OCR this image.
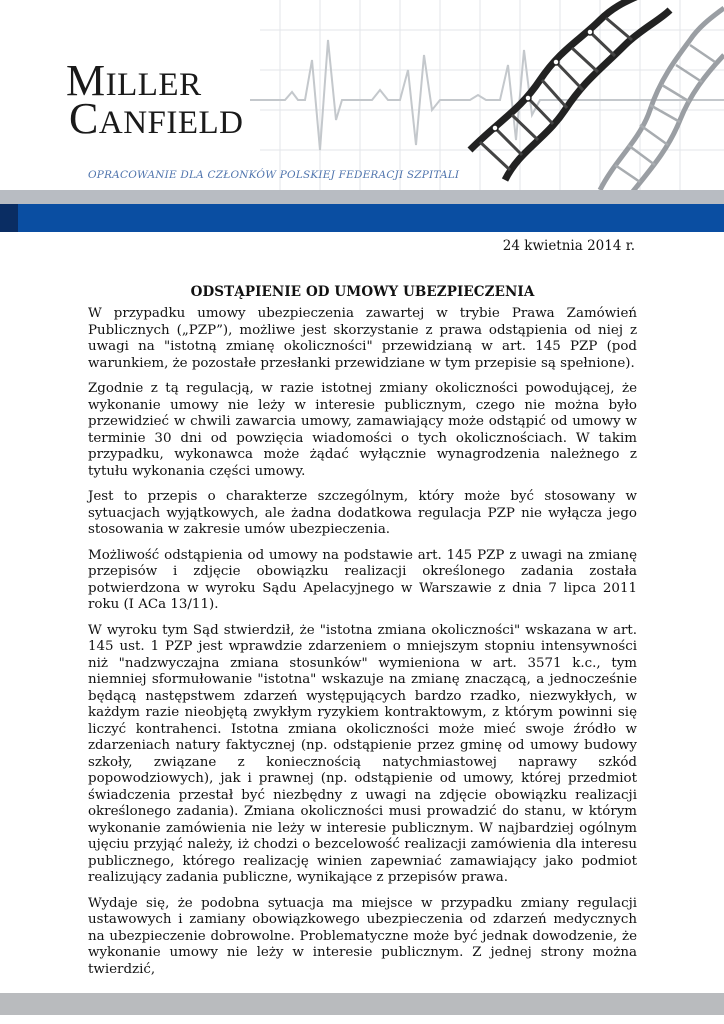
MILLER
CANFIELD
OPRACOWANIE DLA CZŁONKÓW POLSKIEJ FEDERACJI SZPITALI
24 kwietnia 2014 r.
ODSTĄPIENIE OD UMOWY UBEZPIECZENIA

W przypadku umowy ubezpieczenia zawartej w trybie Prawa Zamówień Publicznych („PZP”), możliwe jest skorzystanie z prawa odstąpienia od niej z uwagi na "istotną zmianę okoliczności" przewidzianą w art. 145 PZP (pod warunkiem, że pozostałe przesłanki przewidziane w tym przepisie są spełnione).

Zgodnie z tą regulacją, w razie istotnej zmiany okoliczności powodującej, że wykonanie umowy nie leży w interesie publicznym, czego nie można było przewidzieć w chwili zawarcia umowy, zamawiający może odstąpić od umowy w terminie 30 dni od powzięcia wiadomości o tych okolicznościach. W takim przypadku, wykonawca może żądać wyłącznie wynagrodzenia należnego z tytułu wykonania części umowy.

Jest to przepis o charakterze szczególnym, który może być stosowany w sytuacjach wyjątkowych, ale żadna dodatkowa regulacja PZP nie wyłącza jego stosowania w zakresie umów ubezpieczenia.

Możliwość odstąpienia od umowy na podstawie art. 145 PZP z uwagi na zmianę przepisów i zdjęcie obowiązku realizacji określonego zadania została potwierdzona w wyroku Sądu Apelacyjnego w Warszawie z dnia 7 lipca 2011 roku (I ACa 13/11).

W wyroku tym Sąd stwierdził, że "istotna zmiana okoliczności" wskazana w art. 145 ust. 1 PZP jest wprawdzie zdarzeniem o mniejszym stopniu intensywności niż "nadzwyczajna zmiana stosunków" wymieniona w art. 3571 k.c., tym niemniej sformułowanie "istotna" wskazuje na zmianę znaczącą, a jednocześnie będącą następstwem zdarzeń występujących bardzo rzadko, niezwykłych, w każdym razie nieobjętą zwykłym ryzykiem kontraktowym, z którym powinni się liczyć kontrahenci. Istotna zmiana okoliczności może mieć swoje źródło w zdarzeniach natury faktycznej (np. odstąpienie przez gminę od umowy budowy szkoły, związane z koniecznością natychmiastowej naprawy szkód popowodziowych), jak i prawnej (np. odstąpienie od umowy, której przedmiot świadczenia przestał być niezbędny z uwagi na zdjęcie obowiązku realizacji określonego zadania). Zmiana okoliczności musi prowadzić do stanu, w którym wykonanie zamówienia nie leży w interesie publicznym. W najbardziej ogólnym ujęciu przyjąć należy, iż chodzi o bezcelowość realizacji zamówienia dla interesu publicznego, którego realizację winien zapewniać zamawiający jako podmiot realizujący zadania publiczne, wynikające z przepisów prawa.

Wydaje się, że podobna sytuacja ma miejsce w przypadku zmiany regulacji ustawowych i zamiany obowiązkowego ubezpieczenia od zdarzeń medycznych na ubezpieczenie dobrowolne. Problematyczne może być jednak dowodzenie, że wykonanie umowy nie leży w interesie publicznym. Z jednej strony można twierdzić,
